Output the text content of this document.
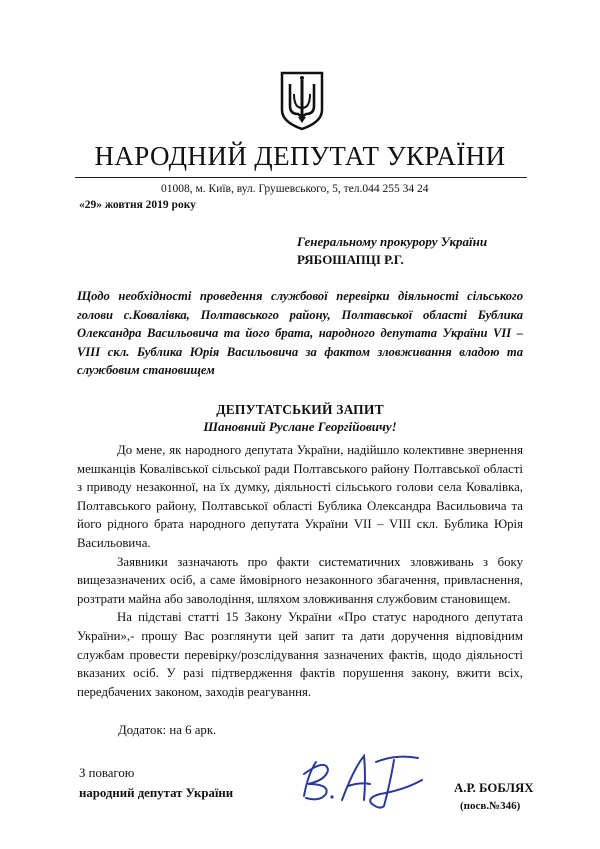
НАРОДНИЙ ДЕПУТАТ УКРАЇНИ
01008, м. Київ, вул. Грушевського, 5, тел.044 255 34 24
«29» жовтня 2019 року
Генеральному прокурору України
РЯБОШАПЦІ Р.Г.
Щодо необхідності проведення службової перевірки діяльності сільського голови с.Ковалівка, Полтавського району, Полтавської області Бублика Олександра Васильовича та його брата, народного депутата України VII – VIII скл. Бублика Юрія Васильовича за фактом зловживання владою та службовим становищем
ДЕПУТАТСЬКИЙ ЗАПИТ
Шановний Руслане Георгійовичу!

До мене, як народного депутата України, надійшло колективне звернення мешканців Ковалівської сільської ради Полтавського району Полтавської області з приводу незаконної, на їх думку, діяльності сільського голови села Ковалівка, Полтавського району, Полтавської області Бублика Олександра Васильовича та його рідного брата народного депутата України VII – VIII скл. Бублика Юрія Васильовича.

Заявники зазначають про факти систематичних зловживань з боку вищезазначених осіб, а саме ймовірного незаконного збагачення, привласнення, розтрати майна або заволодіння, шляхом зловживання службовим становищем.

На підставі статті 15 Закону України «Про статус народного депутата України»,- прошу Вас розглянути цей запит та дати доручення відповідним службам провести перевірку/розслідування зазначених фактів, щодо діяльності вказаних осіб. У разі підтвердження фактів порушення закону, вжити всіх, передбачених законом, заходів реагування.

Додаток: на 6 арк.
З повагою
народний депутат України	А.Р. БОБЛЯХ
(посв.№346)
